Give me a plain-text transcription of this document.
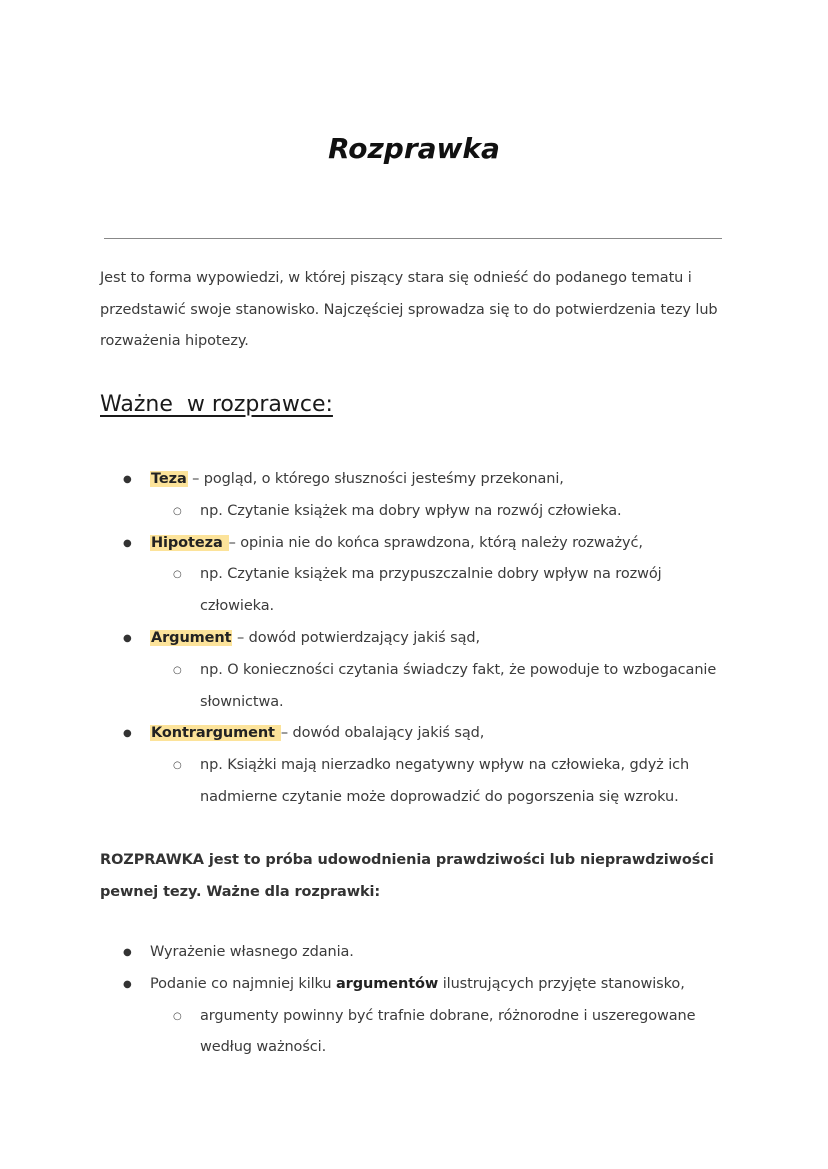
Rozprawka

Jest to forma wypowiedzi, w której piszący stara się odnieść do podanego tematu i przedstawić swoje stanowisko. Najczęściej sprowadza się to do potwierdzenia tezy lub rozważenia hipotezy.

Ważne  w rozprawce:
● Teza – pogląd, o którego słuszności jesteśmy przekonani,
○ np. Czytanie książek ma dobry wpływ na rozwój człowieka.
● Hipoteza – opinia nie do końca sprawdzona, którą należy rozważyć,
○ np. Czytanie książek ma przypuszczalnie dobry wpływ na rozwój człowieka.
● Argument – dowód potwierdzający jakiś sąd,
○ np. O konieczności czytania świadczy fakt, że powoduje to wzbogacanie słownictwa.
● Kontrargument – dowód obalający jakiś sąd,
○ np. Książki mają nierzadko negatywny wpływ na człowieka, gdyż ich nadmierne czytanie może doprowadzić do pogorszenia się wzroku.

ROZPRAWKA jest to próba udowodnienia prawdziwości lub nieprawdziwości pewnej tezy. Ważne dla rozprawki:

● Wyrażenie własnego zdania.
● Podanie co najmniej kilku argumentów ilustrujących przyjęte stanowisko,
○ argumenty powinny być trafnie dobrane, różnorodne i uszeregowane według ważności.
